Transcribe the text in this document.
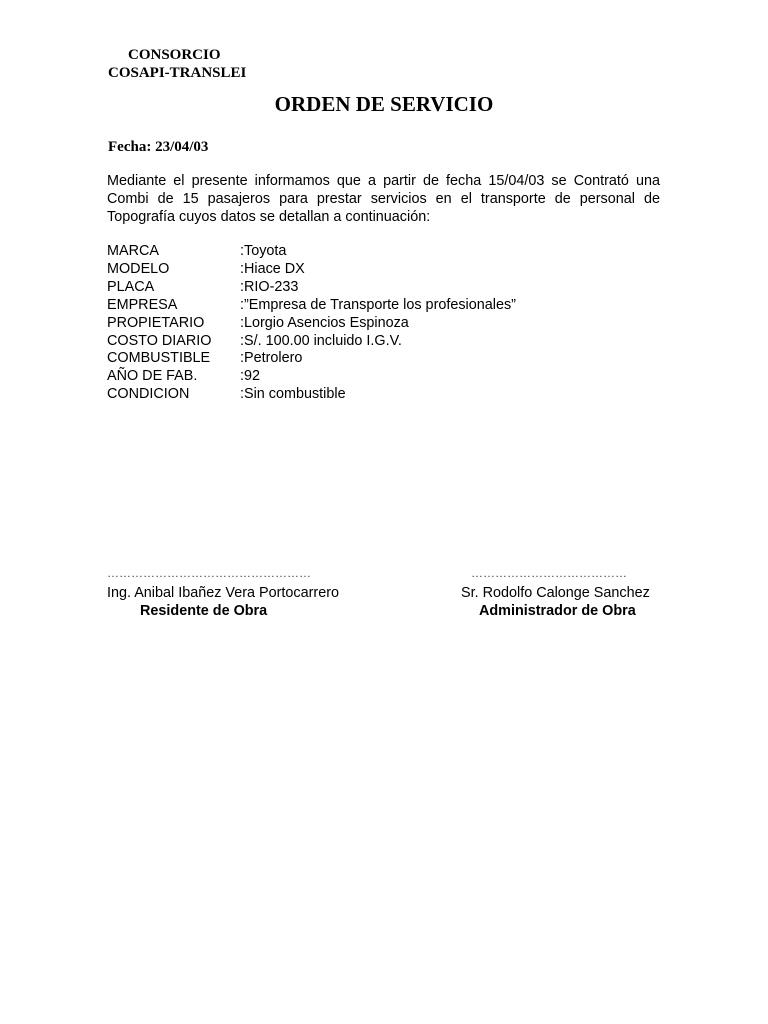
CONSORCIO
COSAPI-TRANSLEI
ORDEN DE SERVICIO
Fecha: 23/04/03
Mediante el presente informamos que a partir de fecha 15/04/03 se Contrató una Combi de 15 pasajeros para prestar servicios en el transporte de personal de Topografía cuyos datos se detallan a continuación:
MARCA	:Toyota
MODELO	:Hiace DX
PLACA	:RIO-233
EMPRESA	:”Empresa de Transporte los profesionales”
PROPIETARIO	:Lorgio Asencios Espinoza
COSTO DIARIO	:S/. 100.00 incluido I.G.V.
COMBUSTIBLE	:Petrolero
AÑO DE FAB.	:92
CONDICION	:Sin combustible
……………………………………………
Ing. Anibal Ibañez Vera Portocarrero
Residente de Obra
…………………………………
Sr. Rodolfo Calonge Sanchez
Administrador de Obra
